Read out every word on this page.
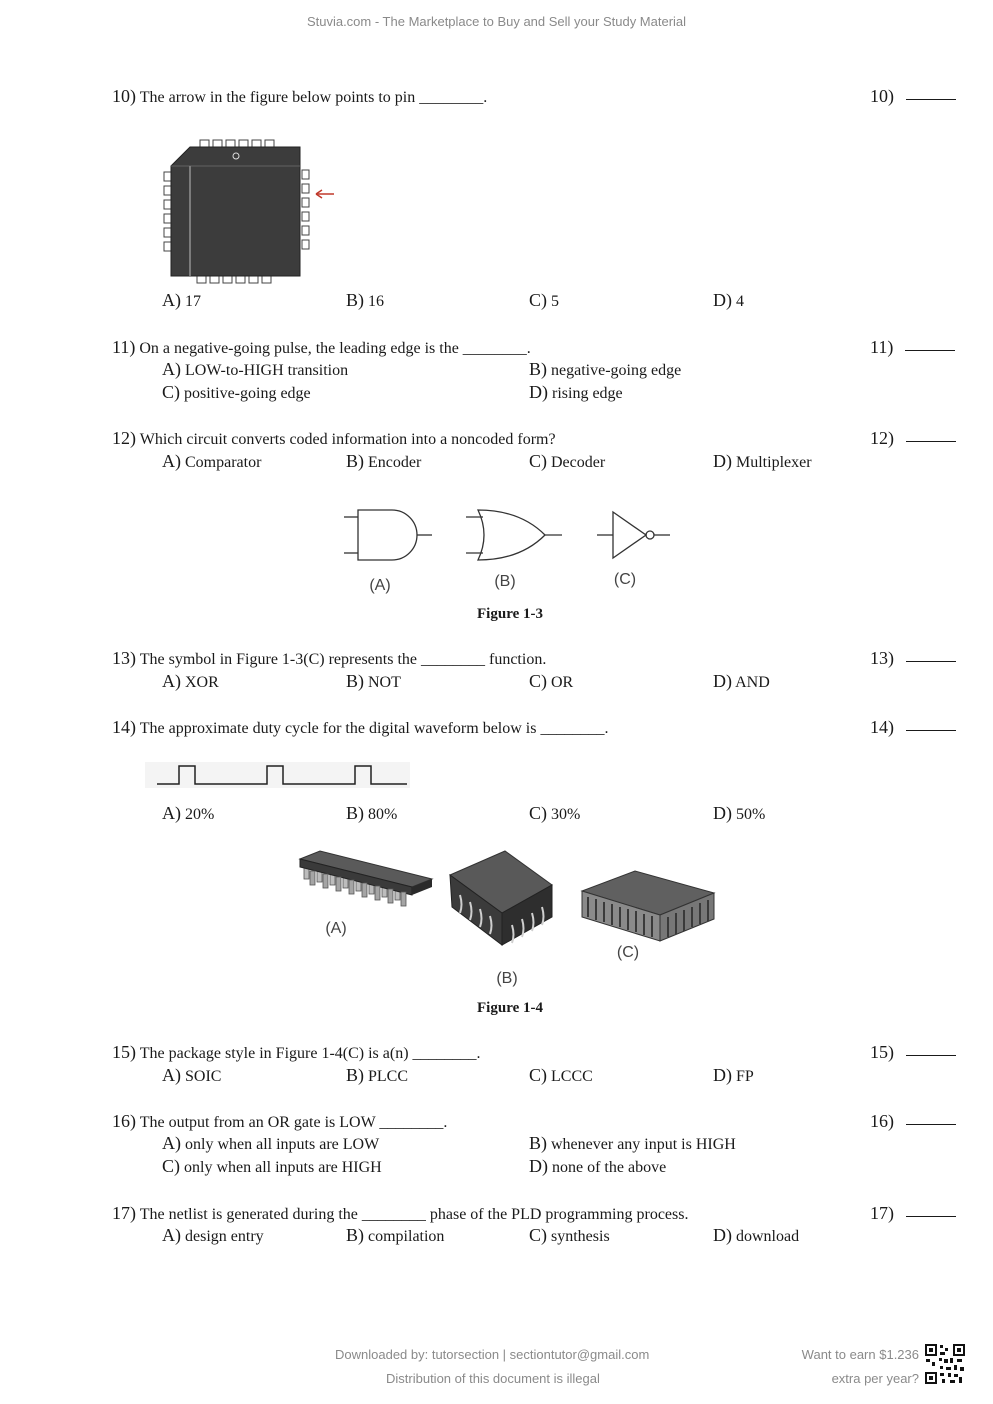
Stuvia.com - The Marketplace to Buy and Sell your Study Material
10) The arrow in the figure below points to pin ________.	10)
A) 17	B) 16	C) 5	D) 4
11) On a negative-going pulse, the leading edge is the ________.	11)
A) LOW-to-HIGH transition	B) negative-going edge
C) positive-going edge	D) rising edge
12) Which circuit converts coded information into a noncoded form?	12)
A) Comparator	B) Encoder	C) Decoder	D) Multiplexer
(A)	(B)	(C)
Figure 1-3
13) The symbol in Figure 1-3(C) represents the ________ function.	13)
A) XOR	B) NOT	C) OR	D) AND
14) The approximate duty cycle for the digital waveform below is ________.	14)
A) 20%	B) 80%	C) 30%	D) 50%
(A)
(B)
(C)
Figure 1-4
15) The package style in Figure 1-4(C) is a(n) ________.	15)
A) SOIC	B) PLCC	C) LCCC	D) FP
16) The output from an OR gate is LOW ________.	16)
A) only when all inputs are LOW	B) whenever any input is HIGH
C) only when all inputs are HIGH	D) none of the above
17) The netlist is generated during the ________ phase of the PLD programming process.	17)
A) design entry	B) compilation	C) synthesis	D) download
Downloaded by: tutorsection | sectiontutor@gmail.com
Distribution of this document is illegal
Want to earn $1.236
extra per year?
